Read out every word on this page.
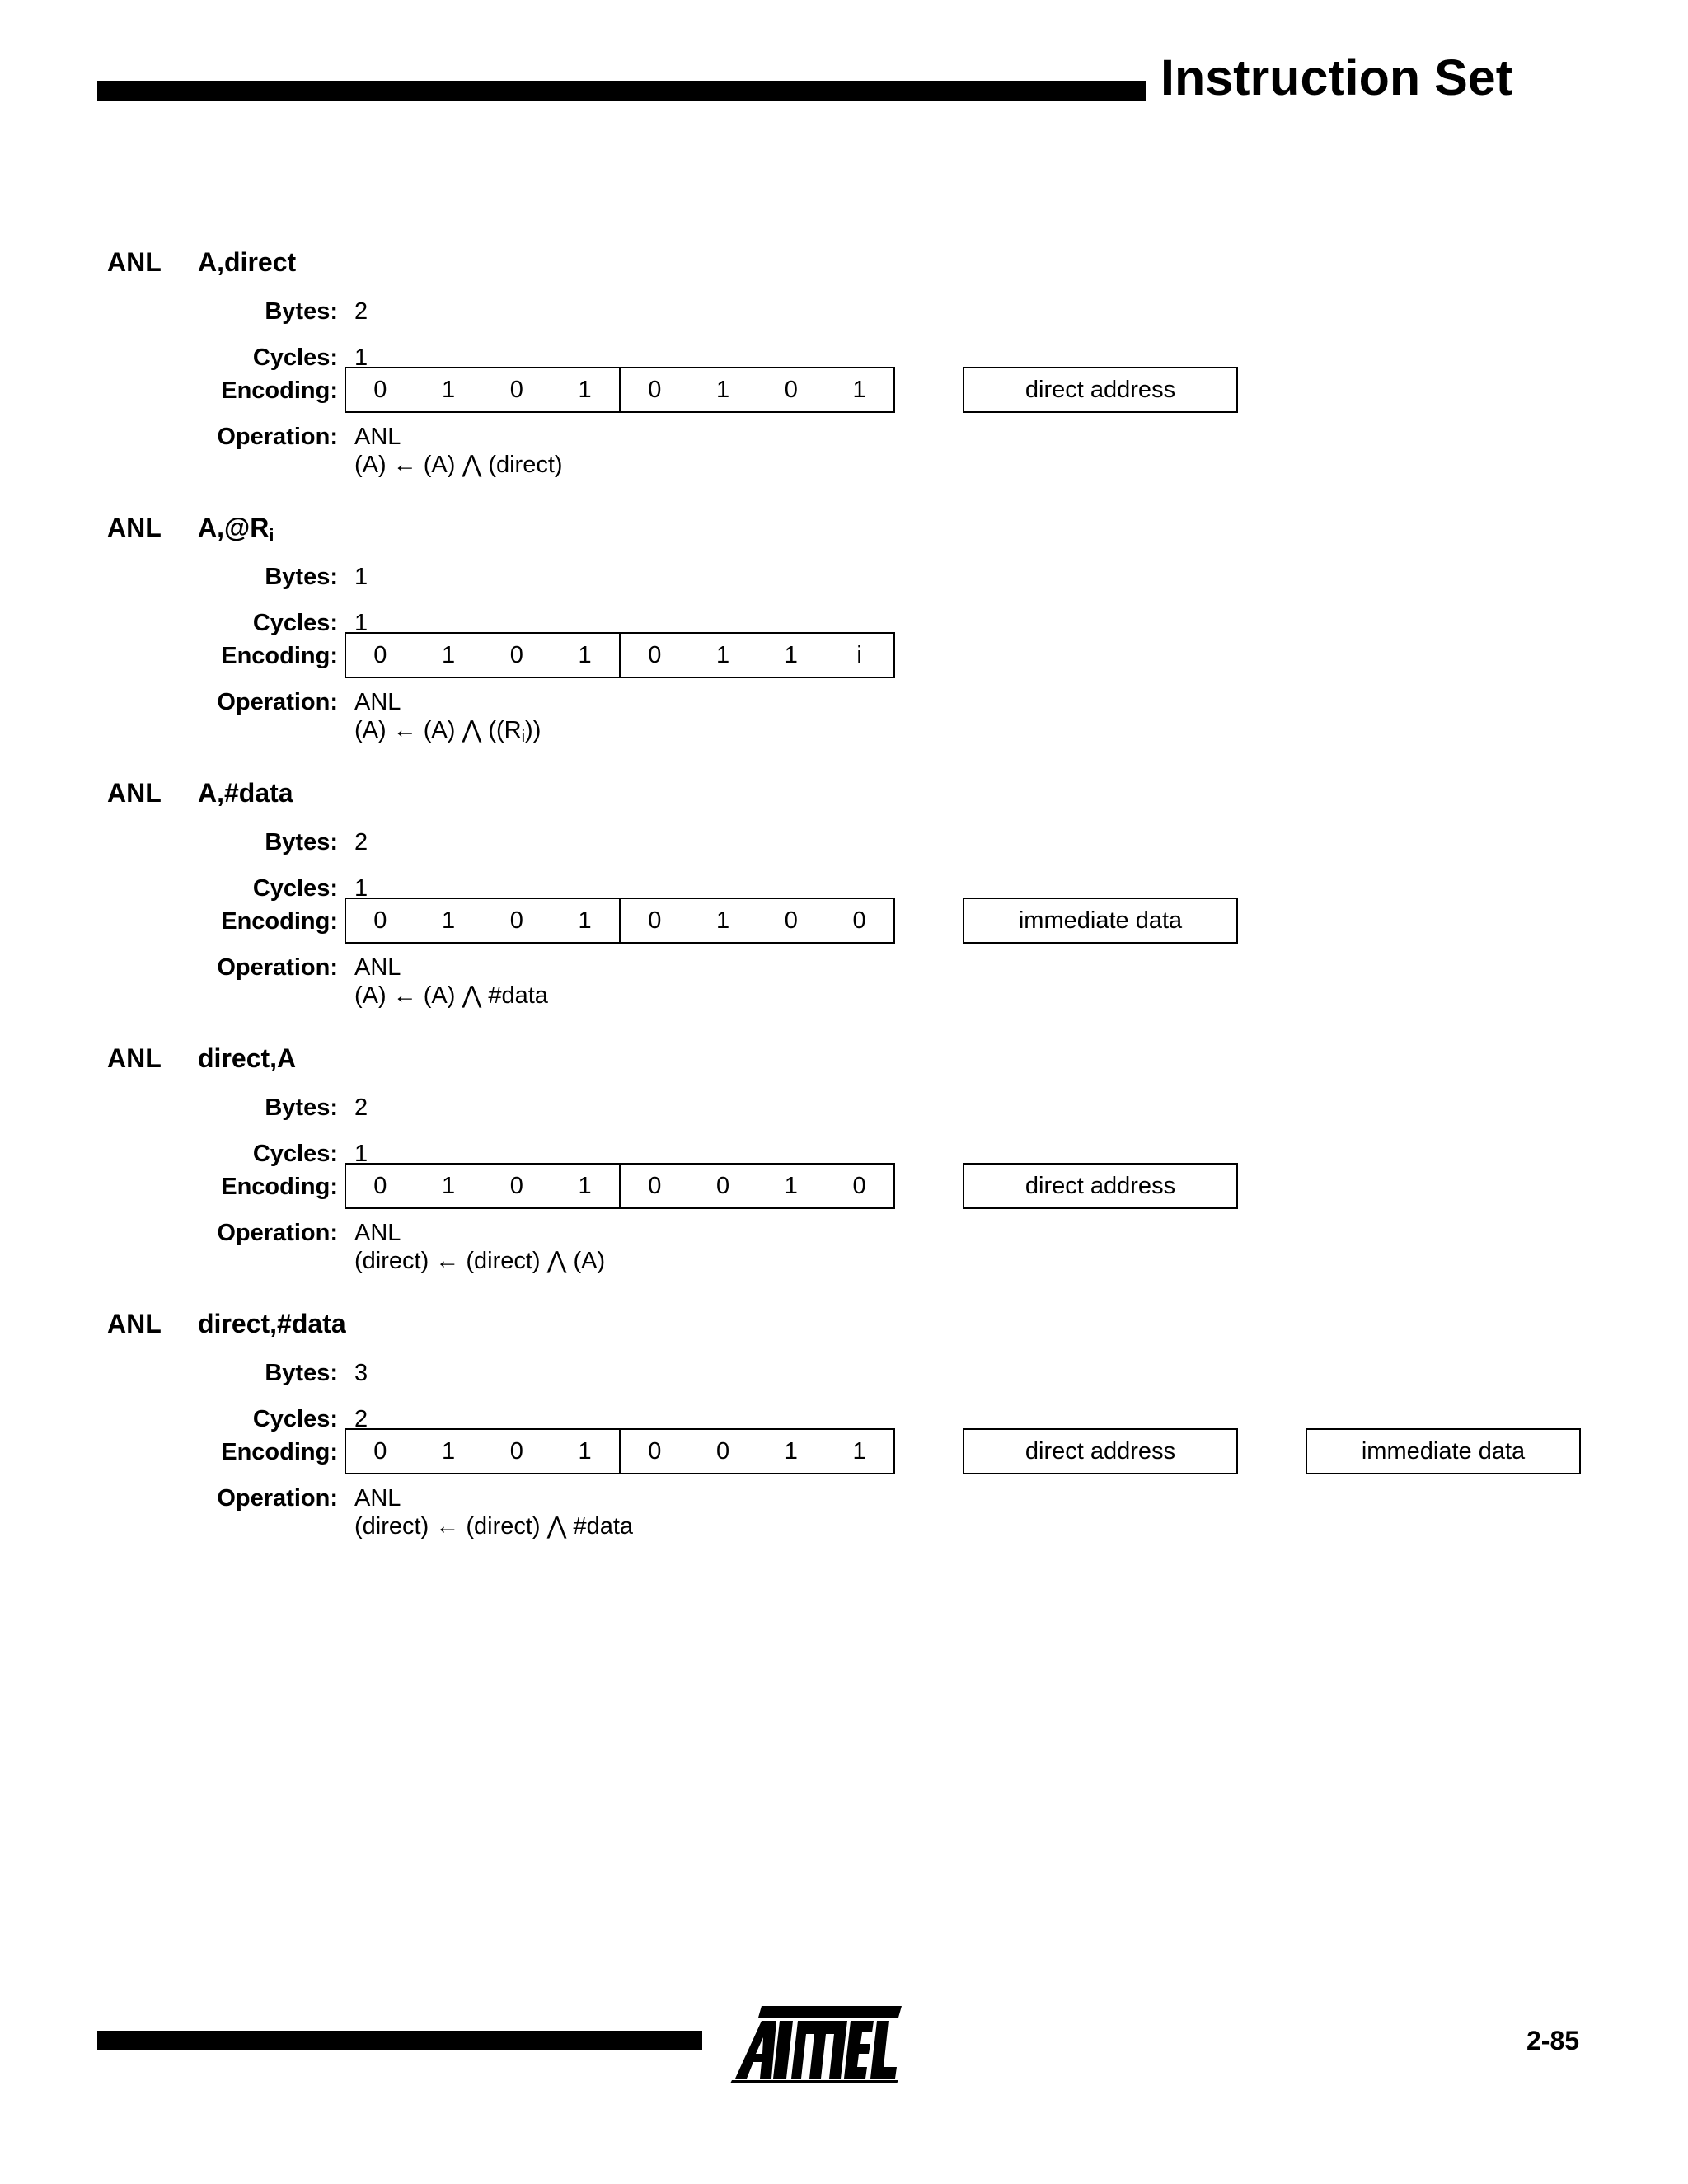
Instruction Set
ANL A,direct
Bytes: 2
Cycles: 1
Encoding:	0	1	0	1	0	1	0	1	direct address
Operation: ANL
(A) ← (A) ⋀ (direct)
ANL $A,@R_i$
Bytes: 1
Cycles: 1
Encoding:	0	1	0	1	0	1	1	i
Operation: ANL
(A) ← (A) ⋀ $((R_i))$
ANL A,#data
Bytes: 2
Cycles: 1
Encoding:	0	1	0	1	0	1	0	0	immediate data
Operation: ANL
(A) ← (A) ⋀ #data
ANL direct,A
Bytes: 2
Cycles: 1
Encoding:	0	1	0	1	0	0	1	0	direct address
Operation: ANL
(direct) ← (direct) ⋀ (A)
ANL direct,#data
Bytes: 3
Cycles: 2
Encoding:	0	1	0	1	0	0	1	1	direct address	immediate data
Operation: ANL
(direct) ← (direct) ⋀ #data
2-85
